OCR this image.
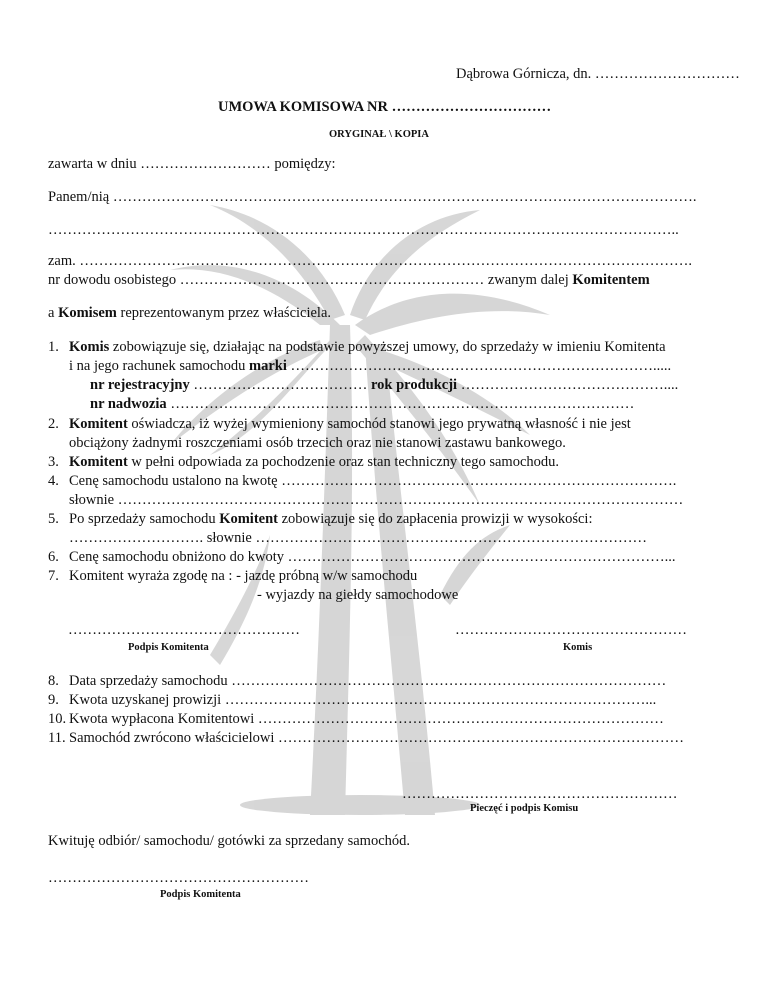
Dąbrowa Górnicza, dn. …………………………
UMOWA KOMISOWA NR ……………………………
ORYGINAŁ \ KOPIA
zawarta w dniu ……………………… pomiędzy:
Panem/nią ………………………………………………………………………………………………………….
…………………………………………………………………………………………………………………..
zam. ……………………………………………………………………………………………………………….
nr dowodu osobistego ……………………………………………………… zwanym dalej Komitentem
a Komisem reprezentowanym przez właściciela.
1. Komis zobowiązuje się, działając na podstawie powyższej umowy, do sprzedaży w imieniu Komitenta
i na jego rachunek samochodu marki ………………………………………………………………….....
nr rejestracyjny ……………………………… rok produkcji ……………………………………....
nr nadwozia ……………………………………………………………………………………
2. Komitent oświadcza, iż wyżej wymieniony samochód stanowi jego prywatną własność i nie jest
obciążony żadnymi roszczeniami osób trzecich oraz nie stanowi zastawu bankowego.
3. Komitent w pełni odpowiada za pochodzenie oraz stan techniczny tego samochodu.
4. Cenę samochodu ustalono na kwotę ……………………………………………………………………….
słownie ………………………………………………………………………………………………………
5. Po sprzedaży samochodu Komitent zobowiązuje się do zapłacenia prowizji w wysokości:
………………………. słownie ………………………………………………………………………
6. Cenę samochodu obniżono do kwoty ……………………………………………………………………...
7. Komitent wyraża zgodę na : - jazdę próbną w/w samochodu
- wyjazdy na giełdy samochodowe
…………………………………………
Podpis Komitenta
…………………………………………
Komis
8. Data sprzedaży samochodu ………………………………………………………………………………
9. Kwota uzyskanej prowizji ……………………………………………………………………………...
10. Kwota wypłacona Komitentowi …………………………………………………………………………
11. Samochód zwrócono właścicielowi …………………………………………………………………………
…………………………………………………
Pieczęć i podpis Komisu
Kwituję odbiór/ samochodu/ gotówki za sprzedany samochód.
………………………………………………
Podpis Komitenta
